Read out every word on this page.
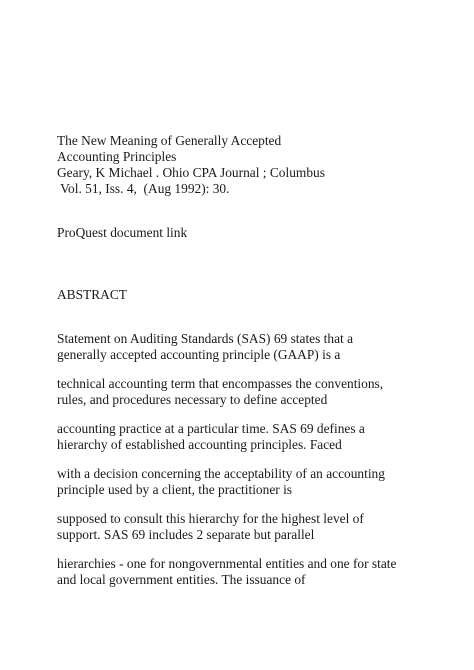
The New Meaning of Generally Accepted
Accounting Principles
Geary, K Michael . Ohio CPA Journal ; Columbus
Vol. 51, Iss. 4,  (Aug 1992): 30.
ProQuest document link
ABSTRACT
Statement on Auditing Standards (SAS) 69 states that a
generally accepted accounting principle (GAAP) is a
technical accounting term that encompasses the conventions,
rules, and procedures necessary to define accepted
accounting practice at a particular time. SAS 69 defines a
hierarchy of established accounting principles. Faced
with a decision concerning the acceptability of an accounting
principle used by a client, the practitioner is
supposed to consult this hierarchy for the highest level of
support. SAS 69 includes 2 separate but parallel
hierarchies - one for nongovernmental entities and one for state
and local government entities. The issuance of
